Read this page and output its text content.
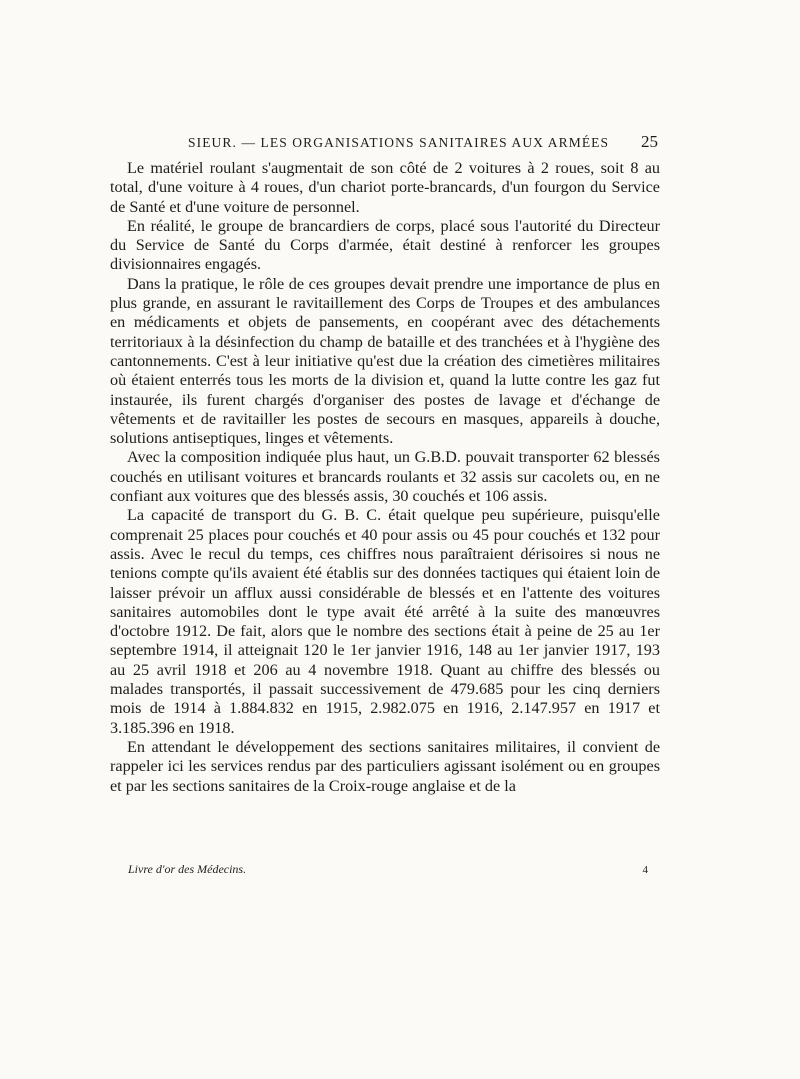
SIEUR. — LES ORGANISATIONS SANITAIRES AUX ARMÉES 25

Le matériel roulant s'augmentait de son côté de 2 voitures à 2 roues, soit 8 au total, d'une voiture à 4 roues, d'un chariot porte-brancards, d'un fourgon du Service de Santé et d'une voiture de personnel.

En réalité, le groupe de brancardiers de corps, placé sous l'autorité du Directeur du Service de Santé du Corps d'armée, était destiné à renforcer les groupes divisionnaires engagés.

Dans la pratique, le rôle de ces groupes devait prendre une importance de plus en plus grande, en assurant le ravitaillement des Corps de Troupes et des ambulances en médicaments et objets de pansements, en coopérant avec des détachements territoriaux à la désinfection du champ de bataille et des tranchées et à l'hygiène des cantonnements. C'est à leur initiative qu'est due la création des cimetières militaires où étaient enterrés tous les morts de la division et, quand la lutte contre les gaz fut instaurée, ils furent chargés d'organiser des postes de lavage et d'échange de vêtements et de ravitailler les postes de secours en masques, appareils à douche, solutions antiseptiques, linges et vêtements.

Avec la composition indiquée plus haut, un G.B.D. pouvait transporter 62 blessés couchés en utilisant voitures et brancards roulants et 32 assis sur cacolets ou, en ne confiant aux voitures que des blessés assis, 30 couchés et 106 assis.

La capacité de transport du G. B. C. était quelque peu supérieure, puisqu'elle comprenait 25 places pour couchés et 40 pour assis ou 45 pour couchés et 132 pour assis. Avec le recul du temps, ces chiffres nous paraîtraient dérisoires si nous ne tenions compte qu'ils avaient été établis sur des données tactiques qui étaient loin de laisser prévoir un afflux aussi considérable de blessés et en l'attente des voitures sanitaires automobiles dont le type avait été arrêté à la suite des manœuvres d'octobre 1912. De fait, alors que le nombre des sections était à peine de 25 au 1er septembre 1914, il atteignait 120 le 1er janvier 1916, 148 au 1er janvier 1917, 193 au 25 avril 1918 et 206 au 4 novembre 1918. Quant au chiffre des blessés ou malades transportés, il passait successivement de 479.685 pour les cinq derniers mois de 1914 à 1.884.832 en 1915, 2.982.075 en 1916, 2.147.957 en 1917 et 3.185.396 en 1918.

En attendant le développement des sections sanitaires militaires, il convient de rappeler ici les services rendus par des particuliers agissant isolément ou en groupes et par les sections sanitaires de la Croix-rouge anglaise et de la

Livre d'or des Médecins.	4
